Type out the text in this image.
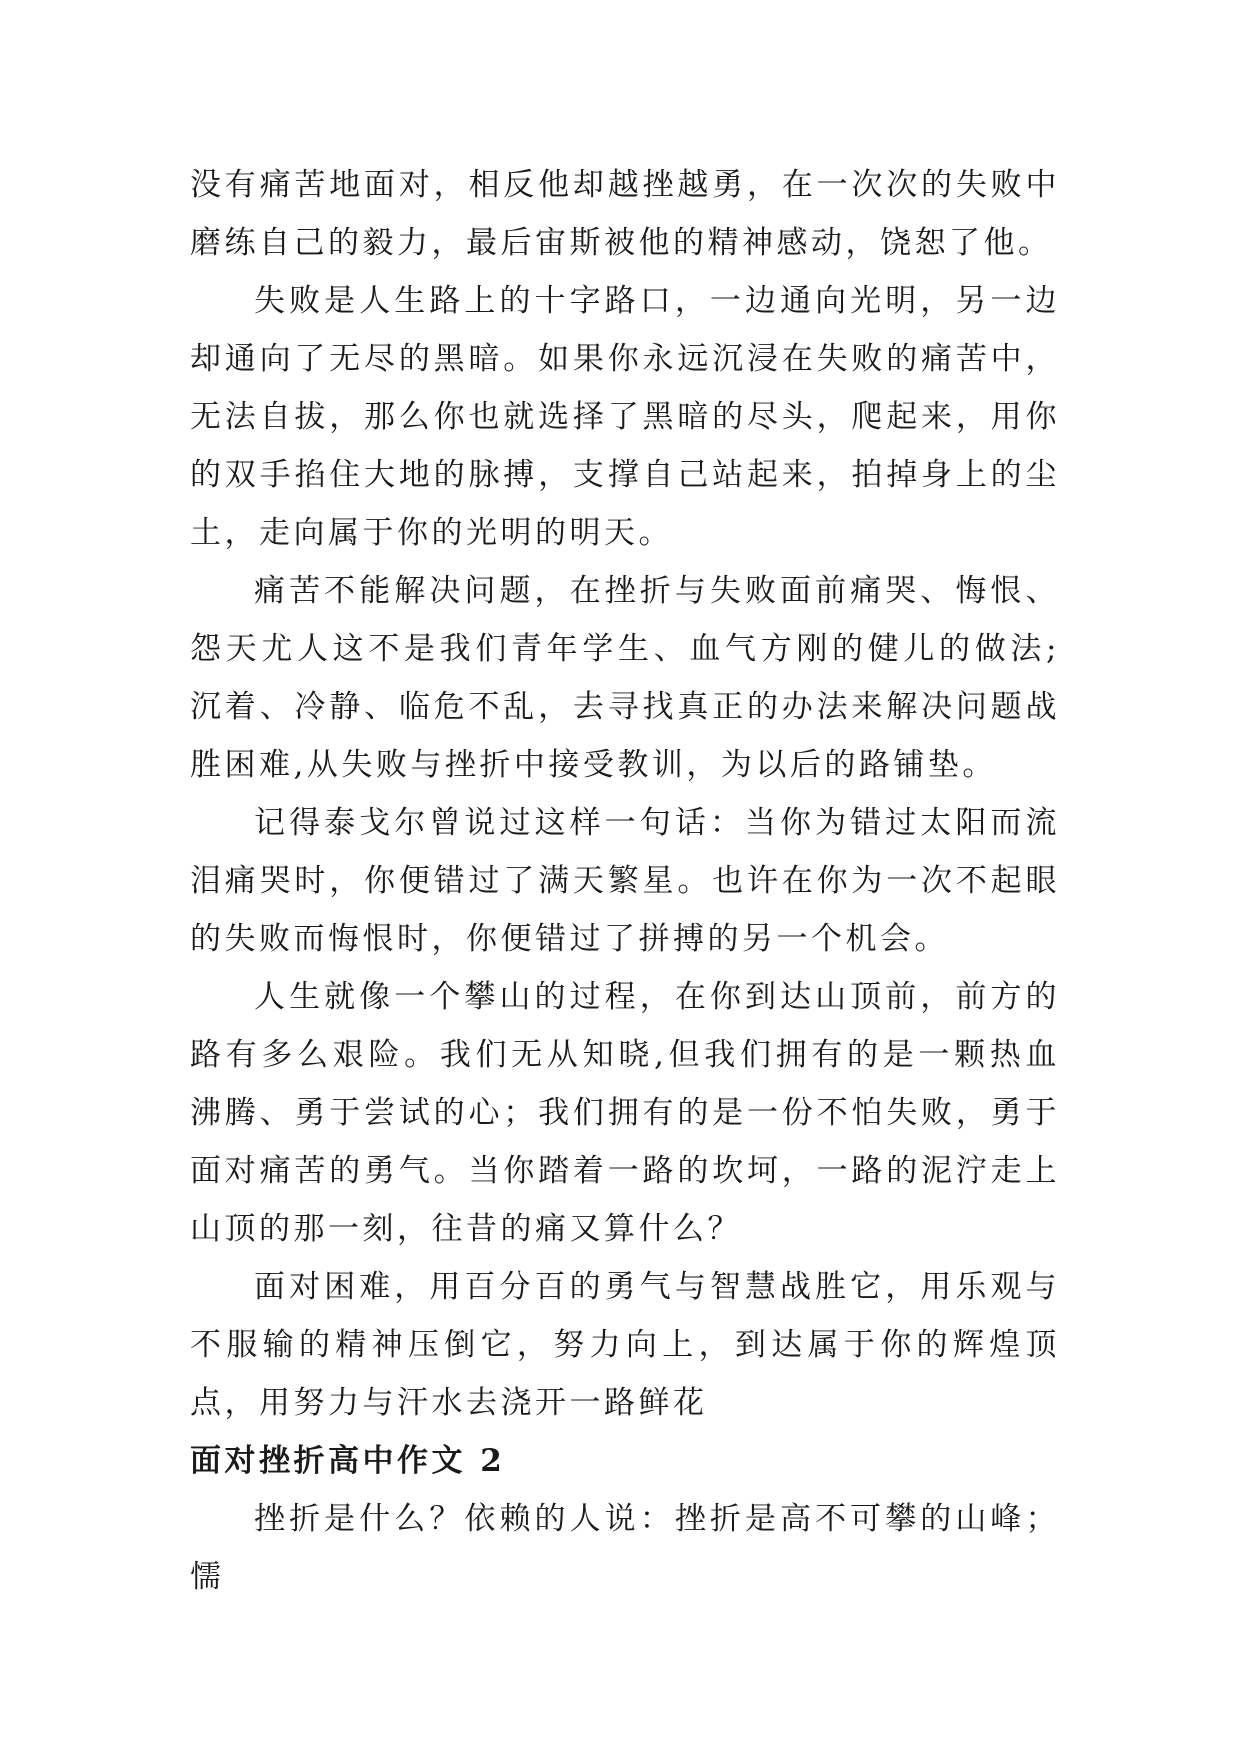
没有痛苦地面对，相反他却越挫越勇，在一次次的失败中磨练自己的毅力，最后宙斯被他的精神感动，饶恕了他。

失败是人生路上的十字路口，一边通向光明，另一边却通向了无尽的黑暗。如果你永远沉浸在失败的痛苦中，无法自拔，那么你也就选择了黑暗的尽头，爬起来，用你的双手掐住大地的脉搏，支撑自己站起来，拍掉身上的尘土，走向属于你的光明的明天。

痛苦不能解决问题，在挫折与失败面前痛哭、悔恨、怨天尤人这不是我们青年学生、血气方刚的健儿的做法;沉着、冷静、临危不乱，去寻找真正的办法来解决问题战胜困难,从失败与挫折中接受教训，为以后的路铺垫。

记得泰戈尔曾说过这样一句话：当你为错过太阳而流泪痛哭时，你便错过了满天繁星。也许在你为一次不起眼的失败而悔恨时，你便错过了拼搏的另一个机会。

人生就像一个攀山的过程，在你到达山顶前，前方的路有多么艰险。我们无从知晓,但我们拥有的是一颗热血沸腾、勇于尝试的心；我们拥有的是一份不怕失败，勇于面对痛苦的勇气。当你踏着一路的坎坷，一路的泥泞走上山顶的那一刻，往昔的痛又算什么？

面对困难，用百分百的勇气与智慧战胜它，用乐观与不服输的精神压倒它，努力向上，到达属于你的辉煌顶点，用努力与汗水去浇开一路鲜花

面对挫折高中作文 2

挫折是什么？依赖的人说：挫折是高不可攀的山峰；懦
